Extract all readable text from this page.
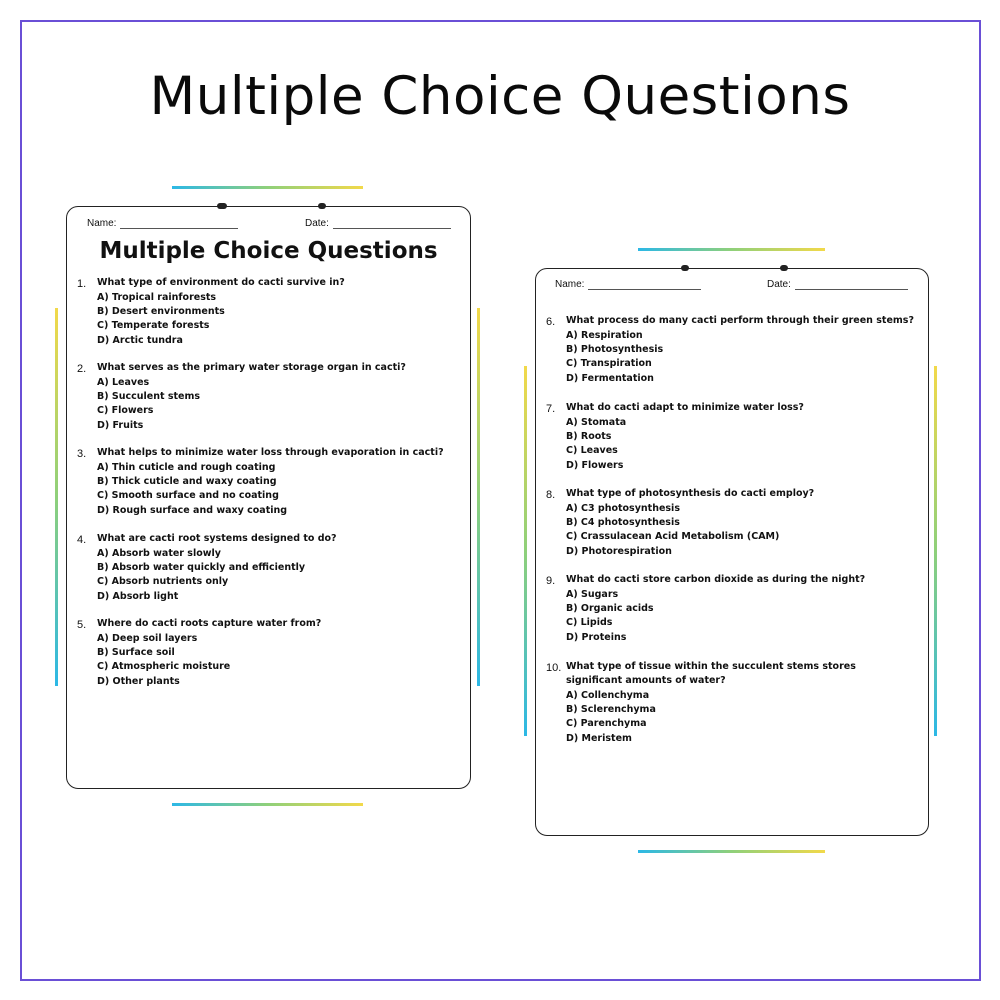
Multiple Choice Questions
Name:	Date:
Multiple Choice Questions
1. What type of environment do cacti survive in?
A) Tropical rainforests
B) Desert environments
C) Temperate forests
D) Arctic tundra
2. What serves as the primary water storage organ in cacti?
A) Leaves
B) Succulent stems
C) Flowers
D) Fruits
3. What helps to minimize water loss through evaporation in cacti?
A) Thin cuticle and rough coating
B) Thick cuticle and waxy coating
C) Smooth surface and no coating
D) Rough surface and waxy coating
4. What are cacti root systems designed to do?
A) Absorb water slowly
B) Absorb water quickly and efficiently
C) Absorb nutrients only
D) Absorb light
5. Where do cacti roots capture water from?
A) Deep soil layers
B) Surface soil
C) Atmospheric moisture
D) Other plants
Name:	Date:
6. What process do many cacti perform through their green stems?
A) Respiration
B) Photosynthesis
C) Transpiration
D) Fermentation
7. What do cacti adapt to minimize water loss?
A) Stomata
B) Roots
C) Leaves
D) Flowers
8. What type of photosynthesis do cacti employ?
A) C3 photosynthesis
B) C4 photosynthesis
C) Crassulacean Acid Metabolism (CAM)
D) Photorespiration
9. What do cacti store carbon dioxide as during the night?
A) Sugars
B) Organic acids
C) Lipids
D) Proteins
10. What type of tissue within the succulent stems stores significant amounts of water?
A) Collenchyma
B) Sclerenchyma
C) Parenchyma
D) Meristem
